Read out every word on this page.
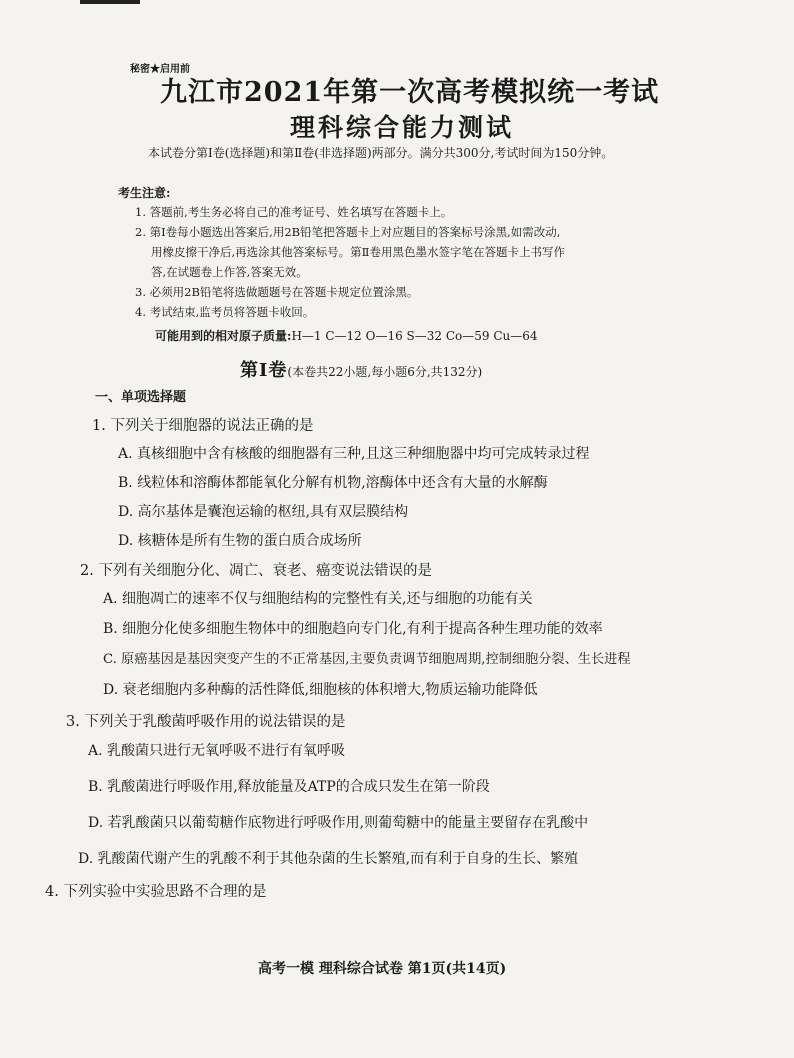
秘密★启用前
九江市2021年第一次高考模拟统一考试
理科综合能力测试
本试卷分第Ⅰ卷(选择题)和第Ⅱ卷(非选择题)两部分。满分共300分,考试时间为150分钟。
考生注意:
1. 答题前,考生务必将自己的准考证号、姓名填写在答题卡上。
2. 第Ⅰ卷每小题选出答案后,用2B铅笔把答题卡上对应题目的答案标号涂黑,如需改动,
用橡皮擦干净后,再选涂其他答案标号。第Ⅱ卷用黑色墨水签字笔在答题卡上书写作
答,在试题卷上作答,答案无效。
3. 必须用2B铅笔将选做题题号在答题卡规定位置涂黑。
4. 考试结束,监考员将答题卡收回。
可能用到的相对原子质量:H—1 C—12 O—16 S—32 Co—59 Cu—64
第Ⅰ卷(本卷共22小题,每小题6分,共132分)
一、单项选择题
1. 下列关于细胞器的说法正确的是
A. 真核细胞中含有核酸的细胞器有三种,且这三种细胞器中均可完成转录过程
B. 线粒体和溶酶体都能氧化分解有机物,溶酶体中还含有大量的水解酶
D. 高尔基体是囊泡运输的枢纽,具有双层膜结构
D. 核糖体是所有生物的蛋白质合成场所
2. 下列有关细胞分化、凋亡、衰老、癌变说法错误的是
A. 细胞凋亡的速率不仅与细胞结构的完整性有关,还与细胞的功能有关
B. 细胞分化使多细胞生物体中的细胞趋向专门化,有利于提高各种生理功能的效率
C. 原癌基因是基因突变产生的不正常基因,主要负责调节细胞周期,控制细胞分裂、生长进程
D. 衰老细胞内多种酶的活性降低,细胞核的体积增大,物质运输功能降低
3. 下列关于乳酸菌呼吸作用的说法错误的是
A. 乳酸菌只进行无氧呼吸不进行有氧呼吸
B. 乳酸菌进行呼吸作用,释放能量及ATP的合成只发生在第一阶段
D. 若乳酸菌只以葡萄糖作底物进行呼吸作用,则葡萄糖中的能量主要留存在乳酸中
D. 乳酸菌代谢产生的乳酸不利于其他杂菌的生长繁殖,而有利于自身的生长、繁殖
4. 下列实验中实验思路不合理的是
高考一模 理科综合试卷 第1页(共14页)
